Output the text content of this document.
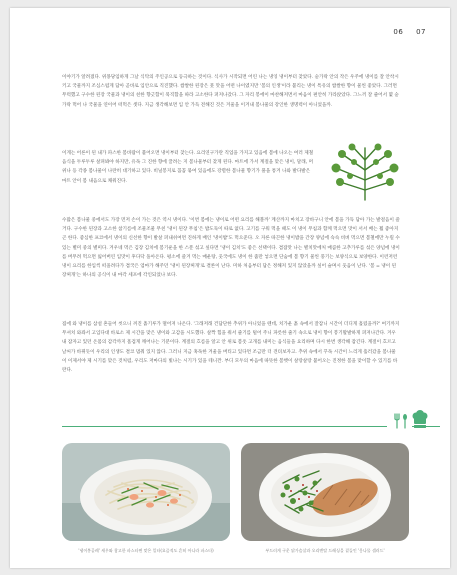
06 07

이야기가 알려졌다. 위몽당임하게 그날 식탁의 주인공으로 등극하는 것이다. 식사가 시작되면 어린 나는 냉잉 냉이부터 찾았다. 숟가락 안의 작은 우주에 냉이를 잘 안착시키고 국물까지 조심스럽게 담아 곧바로 입안으로 직진했다. 쌉쌀한 된장은 뭇 맛을 어떤 나이였지만 '봄의 인생'이라 불리는 냉이 특유의 쌉쌀한 향이 물씬 좋았다. 그러면 무럭했고 구수한 된장 국물과 냉이의 친한 향긋함이 묵직함을 따라 고소한다 퍼져나갔다. 그 자리 봉에이 마찬해져면서 마음이 편안히 가라앉았다. 그느끼 잘 줄어서 몇 숟가락 먹어 나 국물을 연이어 떠먹은 셋다. 지금 생각해보면 입 안 가득 전해진 것은 겨울을 이겨내 봄나물의 강인한 생명력이 아니었을까.

이게는 어른이 된 내가 파스한 봄바람이 불어오면 냉이부터 찾는다. 요리연구가란 직업을 가지고 있음에 봄에 나오는 여러 제철 음식을 두루두루 살펴봐야 하지만, 유독 그 진한 향에 끌려는 지 봄나물부터 찾게 된다. 마트에 가서 계절을 맞은 냉이, 달래, 머위나 등 각종 봄나물이 나란히 대기하고 있다. 비닐봉지로 꼼꼼 묶여 있음에도 강렬한 봄나물 향기가 풀을 통겨 나와 발다발은 마트 안이 봄 내음으로 채워진다.

수많은 봄나물 중에서도 가장 먼저 손이 가는 것은 역시 냉이다. '이번 봄에는 냉이로 어떤 요리를 해볼까' 계산까지 마치고 장바구니 안에 봄을 가득 담아 가는 발걸음이 즐거다. 구수한 된장과 고소한 참기름에 조물조물 무친 '냉이 된장 무침'은 밥도둑이 따로 없다. 고기를 구워 먹을 때도 이 냉이 무침과 함께 먹으면 맛이 서서 배는 훨 좋아지곤 한다. 좋심한 프코에서 냉이의 신선한 향이 발살 퍼내쉬여면 진하게 배인 '냉이밥'도 먹으준다. 오 자른 따끈한 냉이밥을 간장 양념에 슥슥 비벼 먹으면 봄철에만 누릴 수 있는 별미 중의 별미다. 겨우네 먹은 김장 김치에 봄기운을 한 스푼 섞고 싶다면 '냉이 김치'도 좋은 선택이다. 겹잡맛 나는 별치맛에처 매콤한 고추가루를 섞은 양념에 냉이를 버무려 먹으면 잃어버린 입맛이 후다닥 돌아온다. 평소에 즐겨 먹는 매운탕, 웃국에도 냉이 한 줌만 넣으면 단숨에 봄 향기 물씬 풍기는 보양식으로 보양한다. 이런저런 냉이 요리를 한입씩 떠올려다가 겹국은 엄마가 해주던 '냉이 된장찌개'로 결론이 난다. 미하 처음부터 답은 정해져 있지 않았을까 싶어 슬며시 웃음이 난다. '봄 = 냉이 된장찌개'는 하나의 공식이 내 마각 세포에 각인되었나 보다.

집에 와 냉이를 삼설 흔들어 씻으니 꺼진 흙기루가 떨어져 나온다. '그래저래 건답단한 추위가 아니었을 텐데, 치가운 흙 속에서 잘잠니 시간이 더디게 흘렀을까?' 여기까지 무셔치 와좌서 고입다대 바로소 제 시간을 맞은 냉이와 고감을 시도했다. 살짝 힘을 줘서 줄기를 털어 주니 파릇한 줄기 속으로 냉이 향이 봉기활발하게 퍼져나간다. 겨우내 잠자고 있던 온몸의 감각까지 흠겁게 깨어나는 기분이다. 계절의 흐름을 알고 안 위로 봄옷 고개를 내미는 음식들을 요리하며 다시 한번 생각해 잠긴다. 계절이 흐르고 날씨가 바뀌듯이 우리의 인생도 결코 멈춰 있지 않다. 그러니 지금 혹독한 겨울을 버티고 있다면 조금만 더 견뎌보자고. 추위 속에서 꾸독 시간이 느리게 흘러갔을 봄나물이 이제서야 제 시기를 맞은 것처럼, 우리도 저마다의 빛나는 시기가 있을 테니깐. 부디 모두의 마음에 따뜻한 봄햇이 살랑살랑 불어오는 진정한 봄을 맞이할 수 있기를 바란다.

'냉이봉골레' 새우와 참고한 파스타면 맞은 일타(요즘적도 흔히 아니라 파스타)	부드러게 구운 닭가슴살과 오리엔탈 드레싱을 곁들인 '옹나물 샐러드'
